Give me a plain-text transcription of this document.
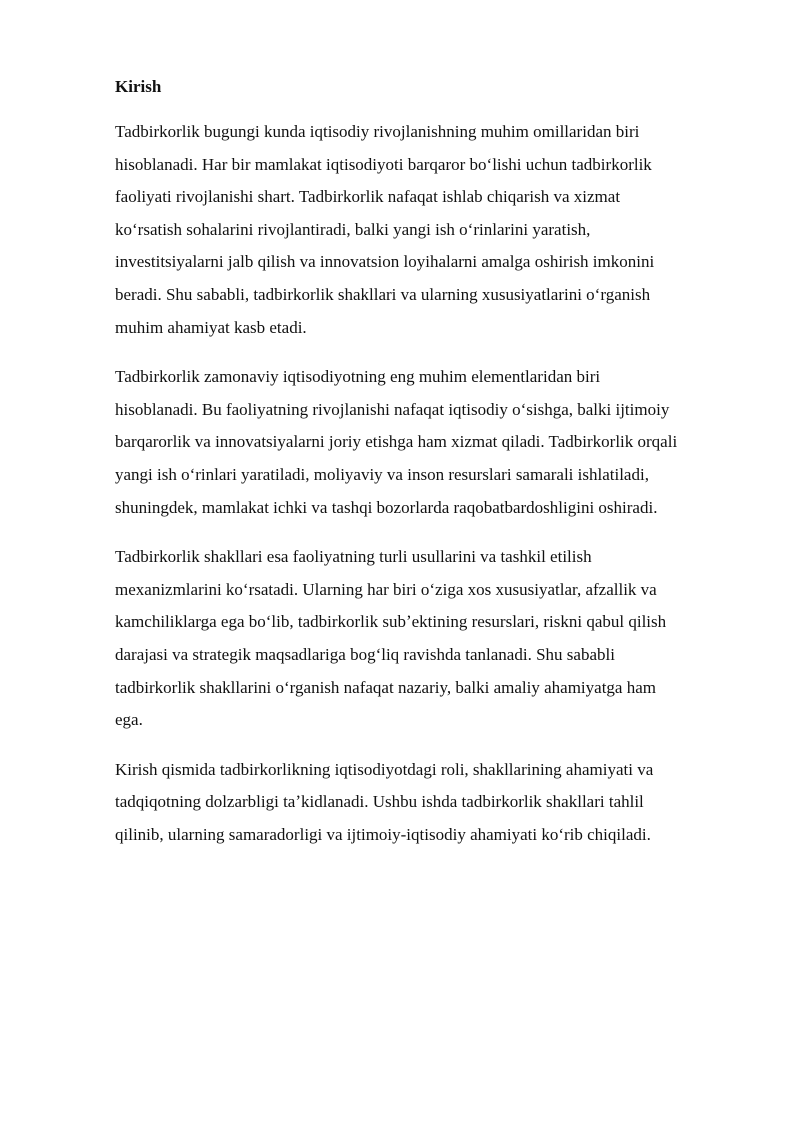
Kirish
Tadbirkorlik bugungi kunda iqtisodiy rivojlanishning muhim omillaridan biri
hisoblanadi. Har bir mamlakat iqtisodiyoti barqaror boʻlishi uchun tadbirkorlik
faoliyati rivojlanishi shart. Tadbirkorlik nafaqat ishlab chiqarish va xizmat
koʻrsatish sohalarini rivojlantiradi, balki yangi ish oʻrinlarini yaratish,
investitsiyalarni jalb qilish va innovatsion loyihalarni amalga oshirish imkonini
beradi. Shu sababli, tadbirkorlik shakllari va ularning xususiyatlarini oʻrganish
muhim ahamiyat kasb etadi.
Tadbirkorlik zamonaviy iqtisodiyotning eng muhim elementlaridan biri
hisoblanadi. Bu faoliyatning rivojlanishi nafaqat iqtisodiy oʻsishga, balki ijtimoiy
barqarorlik va innovatsiyalarni joriy etishga ham xizmat qiladi. Tadbirkorlik orqali
yangi ish oʻrinlari yaratiladi, moliyaviy va inson resurslari samarali ishlatiladi,
shuningdek, mamlakat ichki va tashqi bozorlarda raqobatbardoshligini oshiradi.
Tadbirkorlik shakllari esa faoliyatning turli usullarini va tashkil etilish
mexanizmlarini koʻrsatadi. Ularning har biri oʻziga xos xususiyatlar, afzallik va
kamchiliklarga ega boʻlib, tadbirkorlik subʼektining resurslari, riskni qabul qilish
darajasi va strategik maqsadlariga bogʻliq ravishda tanlanadi. Shu sababli
tadbirkorlik shakllarini oʻrganish nafaqat nazariy, balki amaliy ahamiyatga ham
ega.
Kirish qismida tadbirkorlikning iqtisodiyotdagi roli, shakllarining ahamiyati va
tadqiqotning dolzarbligi taʼkidlanadi. Ushbu ishda tadbirkorlik shakllari tahlil
qilinib, ularning samaradorligi va ijtimoiy-iqtisodiy ahamiyati koʻrib chiqiladi.
